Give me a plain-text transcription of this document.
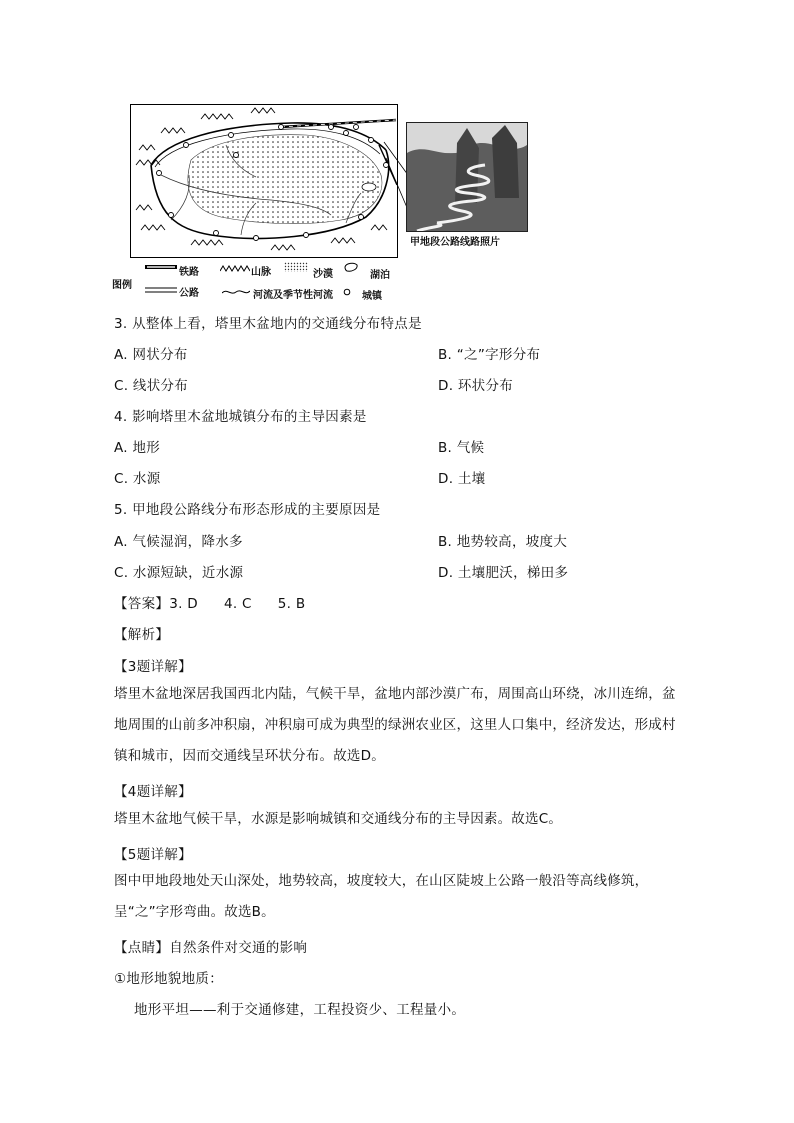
甲地段公路线路照片
图例
铁路
公路
山脉
河流及季节性河流
沙漠
城镇
湖泊
3. 从整体上看，塔里木盆地内的交通线分布特点是
A. 网状分布	B. “之”字形分布
C. 线状分布	D. 环状分布
4. 影响塔里木盆地城镇分布的主导因素是
A. 地形	B. 气候
C. 水源	D. 土壤
5. 甲地段公路线分布形态形成的主要原因是
A. 气候湿润，降水多	B. 地势较高，坡度大
C. 水源短缺，近水源	D. 土壤肥沃，梯田多
【答案】3. D 4. C 5. B
【解析】
【3题详解】
塔里木盆地深居我国西北内陆，气候干旱，盆地内部沙漠广布，周围高山环绕，冰川连绵，盆地周围的山前多冲积扇，冲积扇可成为典型的绿洲农业区，这里人口集中，经济发达，形成村镇和城市，因而交通线呈环状分布。故选D。
【4题详解】
塔里木盆地气候干旱，水源是影响城镇和交通线分布的主导因素。故选C。
【5题详解】
图中甲地段地处天山深处，地势较高，坡度较大，在山区陡坡上公路一般沿等高线修筑，呈“之”字形弯曲。故选B。
【点睛】自然条件对交通的影响
①地形地貌地质：
地形平坦——利于交通修建，工程投资少、工程量小。
